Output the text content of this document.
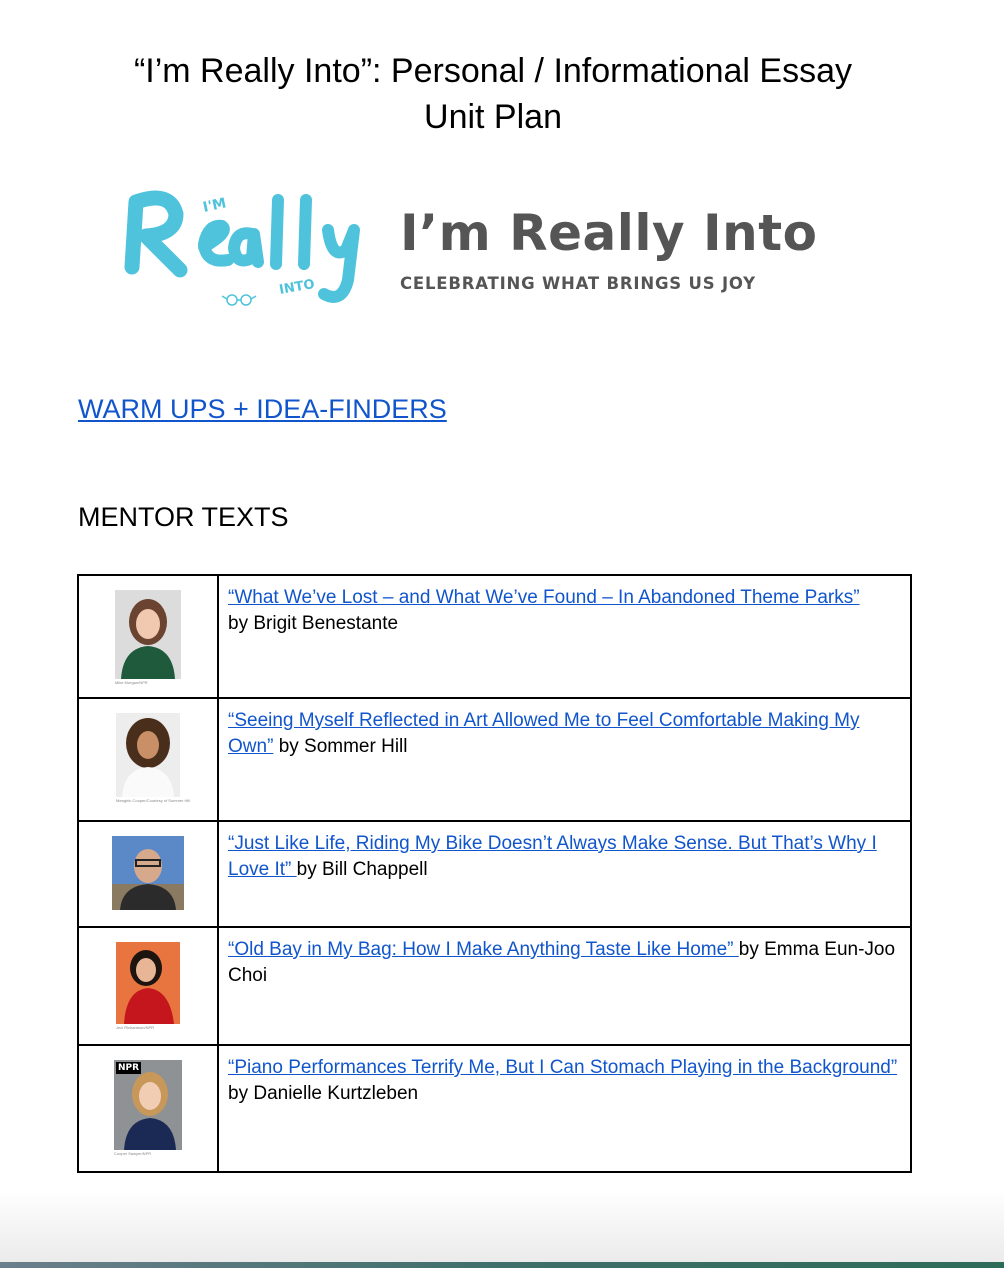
“I’m Really Into”: Personal / Informational Essay
Unit Plan
I'M
INTO
I’m Really Into
CELEBRATING WHAT BRINGS US JOY
WARM UPS + IDEA-FINDERS
MENTOR TEXTS
Mike Morgan/NPR	“What We’ve Lost – and What We’ve Found – In Abandoned Theme Parks”
by Brigit Benestante

Meaghin Cooper/Courtesy of Sommer Hill	“Seeing Myself Reflected in Art Allowed Me to Feel Comfortable Making My Own” by Sommer Hill

	“Just Like Life, Riding My Bike Doesn’t Always Make Sense. But That’s Why I Love It” by Bill Chappell

Jeci Richardson/NPR	“Old Bay in My Bag: How I Make Anything Taste Like Home” by Emma Eun-Joo Choi

NPR
Cooper Sawyer/NPR	“Piano Performances Terrify Me, But I Can Stomach Playing in the Background” by Danielle Kurtzleben
